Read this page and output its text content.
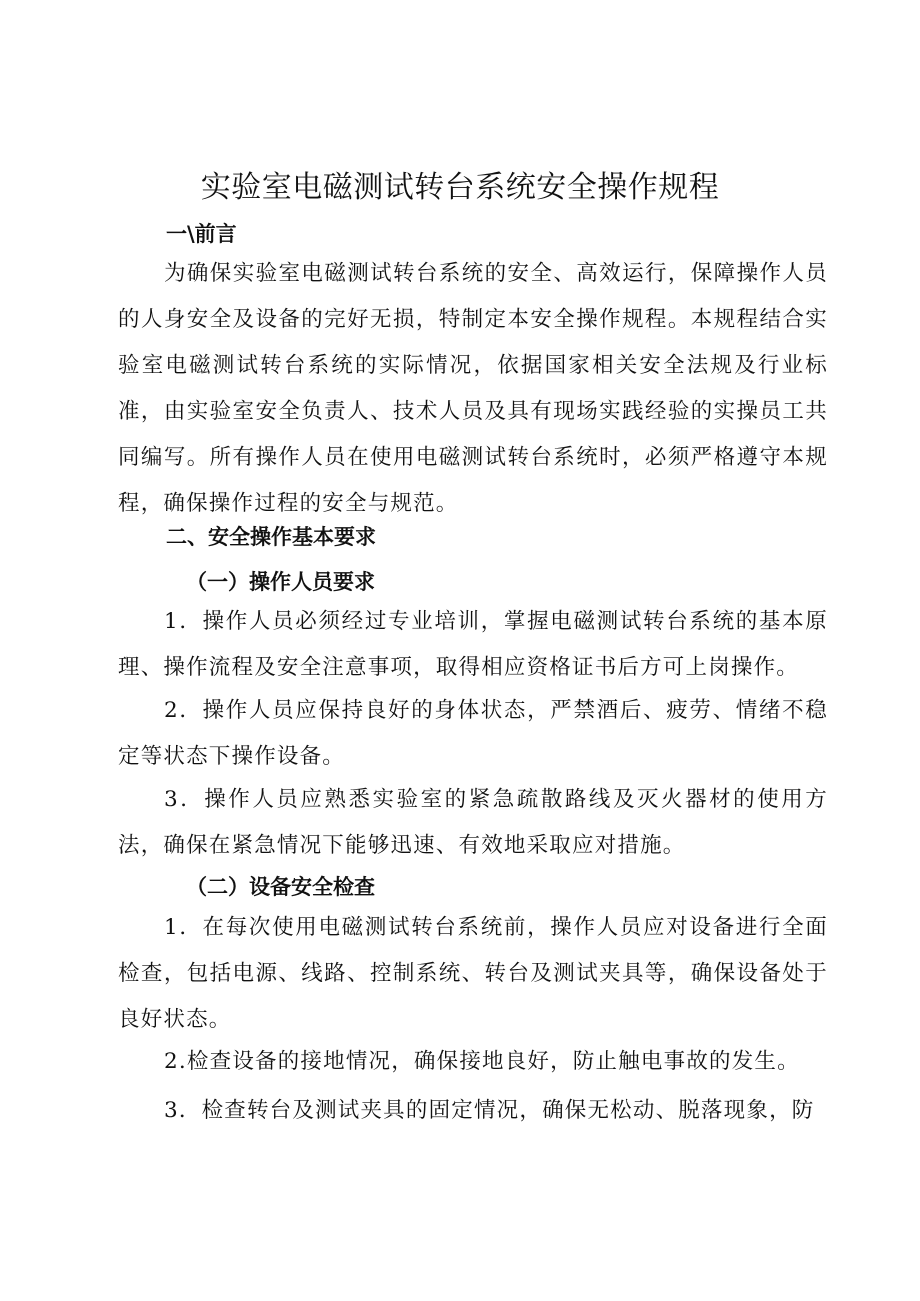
实验室电磁测试转台系统安全操作规程
一\前言
为确保实验室电磁测试转台系统的安全、高效运行，保障操作人员的人身安全及设备的完好无损，特制定本安全操作规程。本规程结合实验室电磁测试转台系统的实际情况，依据国家相关安全法规及行业标准，由实验室安全负责人、技术人员及具有现场实践经验的实操员工共同编写。所有操作人员在使用电磁测试转台系统时，必须严格遵守本规程，确保操作过程的安全与规范。
二、安全操作基本要求
（一）操作人员要求
1．操作人员必须经过专业培训，掌握电磁测试转台系统的基本原理、操作流程及安全注意事项，取得相应资格证书后方可上岗操作。
2．操作人员应保持良好的身体状态，严禁酒后、疲劳、情绪不稳定等状态下操作设备。
3．操作人员应熟悉实验室的紧急疏散路线及灭火器材的使用方法，确保在紧急情况下能够迅速、有效地采取应对措施。
（二）设备安全检查
1．在每次使用电磁测试转台系统前，操作人员应对设备进行全面检查，包括电源、线路、控制系统、转台及测试夹具等，确保设备处于良好状态。
2.检查设备的接地情况，确保接地良好，防止触电事故的发生。
3．检查转台及测试夹具的固定情况，确保无松动、脱落现象，防
